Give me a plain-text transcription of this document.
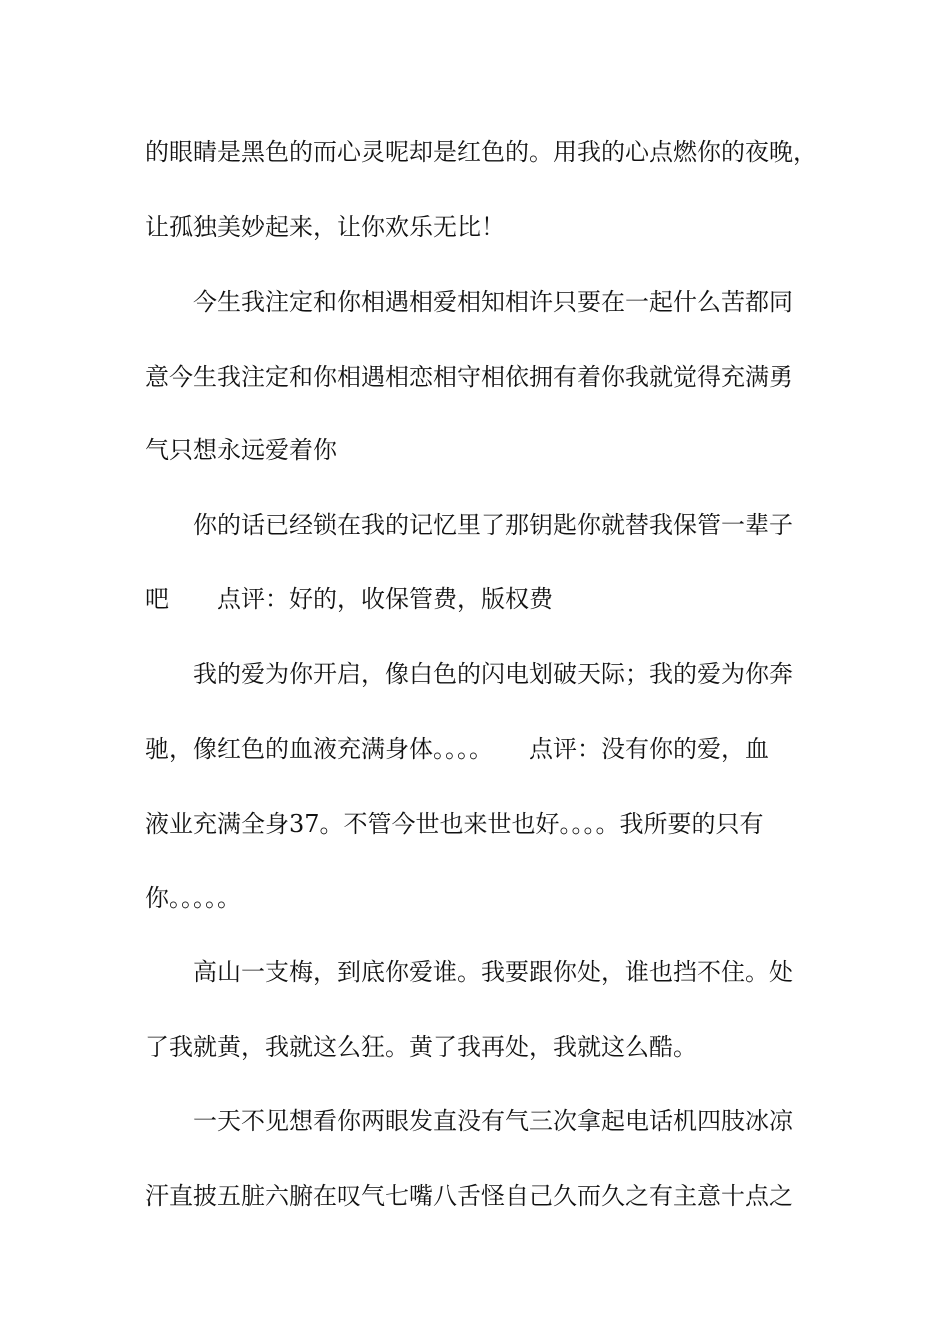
的眼睛是黑色的而心灵呢却是红色的。用我的心点燃你的夜晚，
让孤独美妙起来，让你欢乐无比！
今生我注定和你相遇相爱相知相许只要在一起什么苦都同
意今生我注定和你相遇相恋相守相依拥有着你我就觉得充满勇
气只想永远爱着你
你的话已经锁在我的记忆里了那钥匙你就替我保管一辈子
吧　　点评：好的，收保管费，版权费
我的爱为你开启，像白色的闪电划破天际；我的爱为你奔
驰，像红色的血液充满身体。。。。　　点评：没有你的爱，血
液业充满全身37。不管今世也来世也好。。。。我所要的只有
你。。。。。
高山一支梅，到底你爱谁。我要跟你处，谁也挡不住。处
了我就黄，我就这么狂。黄了我再处，我就这么酷。
一天不见想看你两眼发直没有气三次拿起电话机四肢冰凉
汗直披五脏六腑在叹气七嘴八舌怪自己久而久之有主意十点之
